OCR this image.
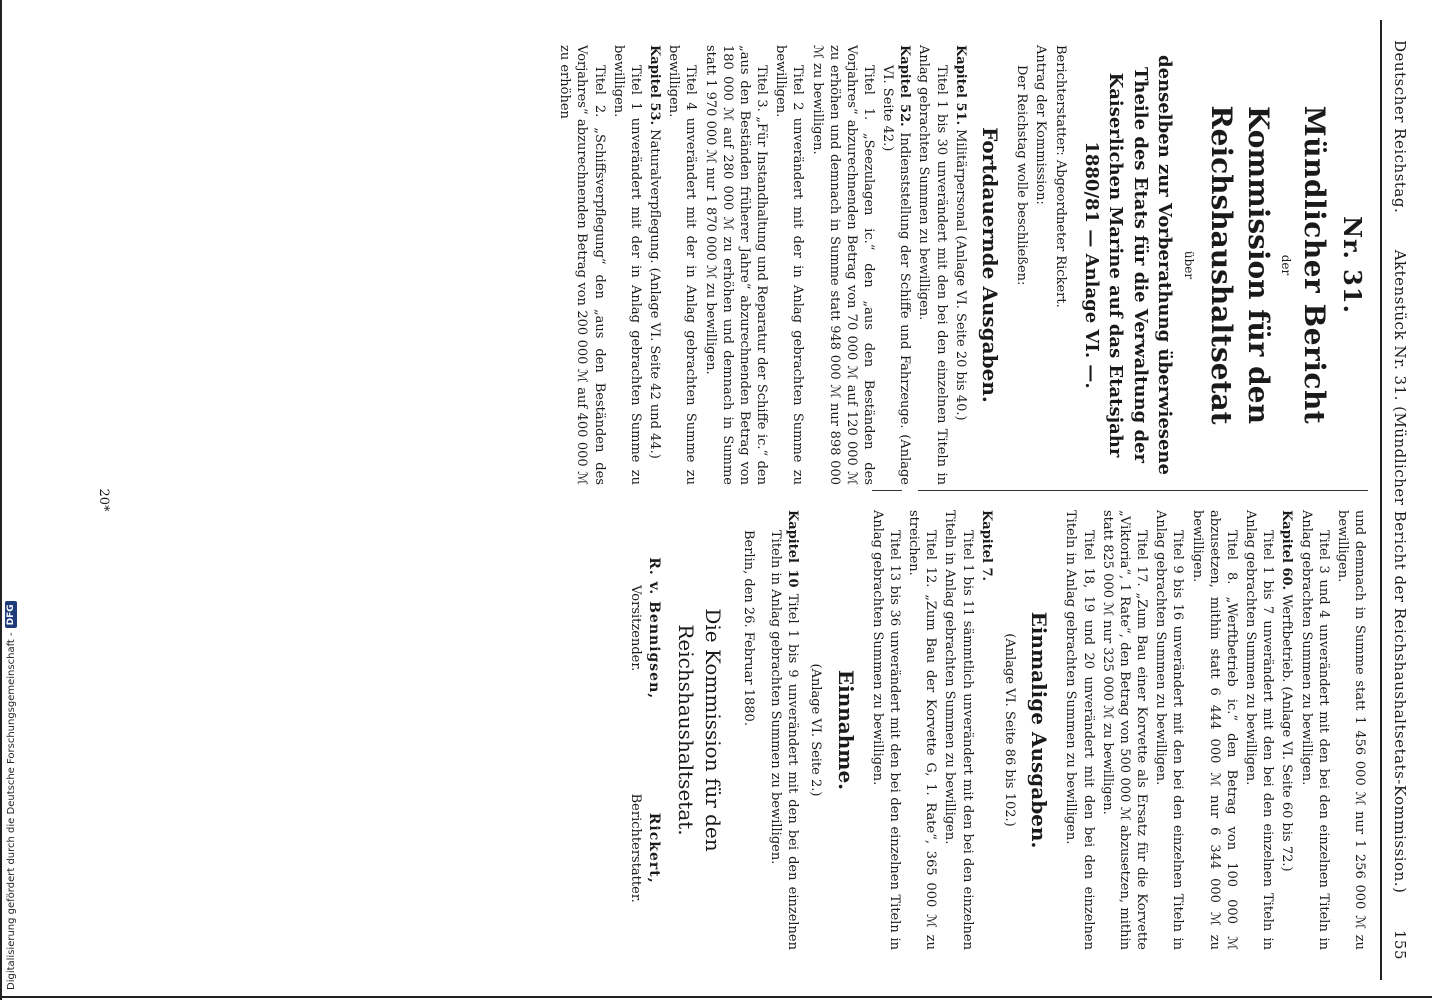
Deutscher Reichstag.
Aktenstück Nr. 31. (Mündlicher Bericht der Reichshaushaltsetats-Kommission.)
155
Nr. 31.
Mündlicher Bericht
der
Kommission für den Reichshaushaltsetat
über
denselben zur Vorberathung überwiesene Theile des Etats für die Verwaltung der Kaiserlichen Marine auf das Etatsjahr 1880/81 — Anlage VI. —.

Berichterstatter: Abgeordneter Rickert.

Antrag der Kommission:

Der Reichstag wolle beschließen:

Fortdauernde Ausgaben.

Kapitel 51. Militärpersonal (Anlage VI. Seite 20 bis 40.)

Titel 1 bis 30 unverändert mit den bei den einzelnen Titeln in Anlag gebrachten Summen zu bewilligen.

Kapitel 52. Indienststellung der Schiffe und Fahrzeuge. (Anlage VI. Seite 42.)

Titel 1. „Seezulagen ic.“ den „aus den Beständen des Vorjahres“ abzurechnenden Betrag von 70 000 ℳ auf 120 000 ℳ zu erhöhen und demnach in Summe statt 948 000 ℳ nur 898 000 ℳ zu bewilligen.

Titel 2 unverändert mit der in Anlag gebrachten Summe zu bewilligen.

Titel 3. „Für Instandhaltung und Reparatur der Schiffe ic.“ den „aus den Beständen früherer Jahre“ abzurechnenden Betrag von 180 000 ℳ auf 280 000 ℳ zu erhöhen und demnach in Summe statt 1 970 000 ℳ nur 1 870 000 ℳ zu bewilligen.

Titel 4 unverändert mit der in Anlag gebrachten Summe zu bewilligen.

Kapitel 53. Naturalverpflegung. (Anlage VI. Seite 42 und 44.)

Titel 1 unverändert mit der in Anlag gebrachten Summe zu bewilligen.

Titel 2. „Schiffsverpflegung“ den „aus den Beständen des Vorjahres“ abzurechnenden Betrag von 200 000 ℳ auf 400 000 ℳ zu erhöhen

und demnach in Summe statt 1 456 000 ℳ nur 1 256 000 ℳ zu bewilligen.

Titel 3 und 4 unverändert mit den bei den einzelnen Titeln in Anlag gebrachten Summen zu bewilligen.

Kapitel 60. Werftbetrieb. (Anlage VI. Seite 60 bis 72.)

Titel 1 bis 7 unverändert mit den bei den einzelnen Titeln in Anlag gebrachten Summen zu bewilligen.

Titel 8. „Werftbetrieb ic.“ den Betrag von 100 000 ℳ abzusetzen, mithin statt 6 444 000 ℳ nur 6 344 000 ℳ zu bewilligen.

Titel 9 bis 16 unverändert mit den bei den einzelnen Titeln in Anlag gebrachten Summen zu bewilligen.

Titel 17. „Zum Bau einer Korvette als Ersatz für die Korvette „Viktoria“, 1 Rate“, den Betrag von 500 000 ℳ abzusetzen, mithin statt 825 000 ℳ nur 325 000 ℳ zu bewilligen.

Titel 18, 19 und 20 unverändert mit den bei den einzelnen Titeln in Anlag gebrachten Summen zu bewilligen.

Einmalige Ausgaben.
(Anlage VI. Seite 86 bis 102.)

Kapitel 7.

Titel 1 bis 11 sämmtlich unverändert mit den bei den einzelnen Titeln in Anlag gebrachten Summen zu bewilligen.

Titel 12. „Zum Bau der Korvette G, 1. Rate“, 365 000 ℳ zu streichen.

Titel 13 bis 36 unverändert mit den bei den einzelnen Titeln in Anlag gebrachten Summen zu bewilligen.

Einnahme.
(Anlage VI. Seite 2.)

Kapitel 10 Titel 1 bis 9 unverändert mit den bei den einzelnen Titeln in Anlag gebrachten Summen zu bewilligen.

Berlin, den 26. Februar 1880.

Die Kommission für den Reichshaushaltsetat.
R. v. Bennigsen,
Vorsitzender.
Rickert,
Berichterstatter.
20*
Digitalisierung gefördert durch die Deutsche Forschungsgemeinschaft -
DFG
